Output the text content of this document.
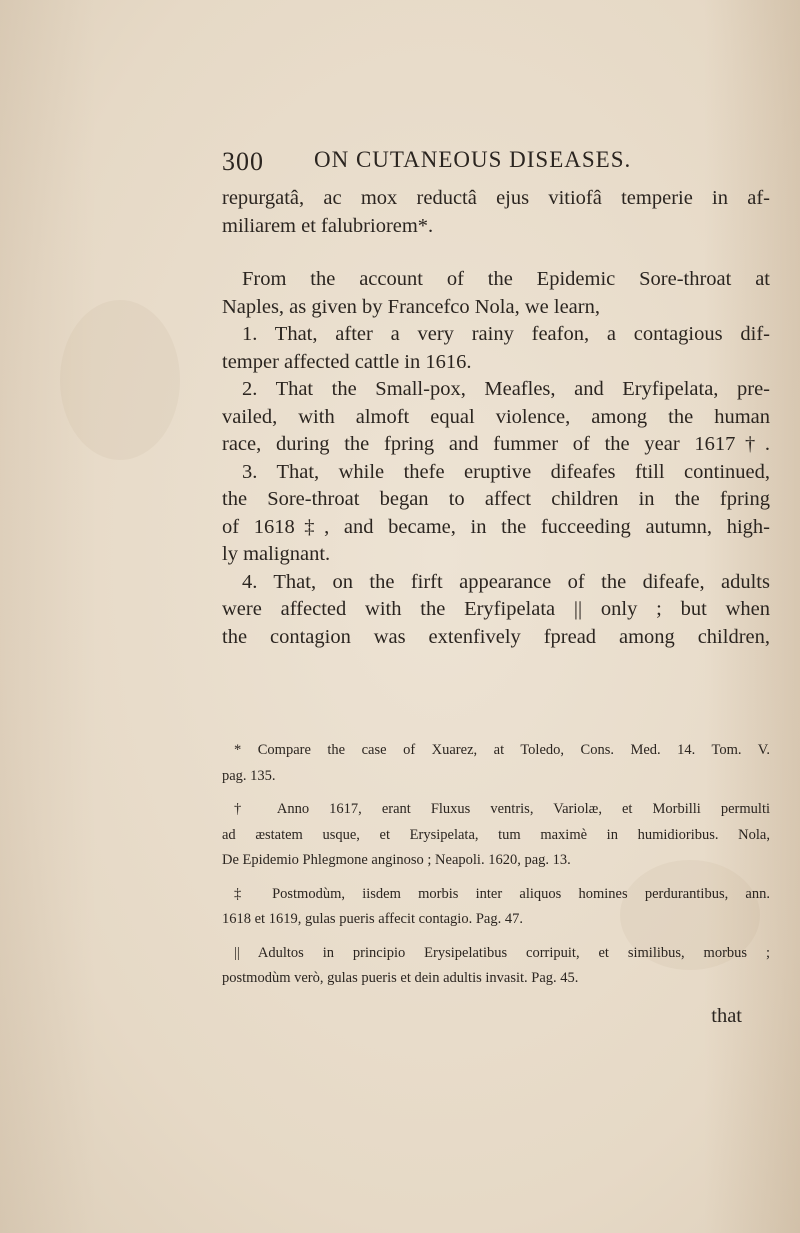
300 ON CUTANEOUS DISEASES.
repurgatâ, ac mox reductâ ejus vitiofâ temperie in af-
miliarem et falubriorem*.
From the account of the Epidemic Sore-throat at
Naples, as given by Francefco Nola, we learn,
1. That, after a very rainy feafon, a contagious dif-
temper affected cattle in 1616.
2. That the Small-pox, Meafles, and Eryfipelata, pre-
vailed, with almoft equal violence, among the human
race, during the fpring and fummer of the year 1617†.
3. That, while thefe eruptive difeafes ftill continued,
the Sore-throat began to affect children in the fpring
of 1618‡, and became, in the fucceeding autumn, high-
ly malignant.
4. That, on the firft appearance of the difeafe, adults
were affected with the Eryfipelata || only ; but when
the contagion was extenfively fpread among children,
* Compare the case of Xuarez, at Toledo, Cons. Med. 14. Tom. V.
pag. 135.
† Anno 1617, erant Fluxus ventris, Variolæ, et Morbilli permulti
ad æstatem usque, et Erysipelata, tum maximè in humidioribus. Nola,
De Epidemio Phlegmone anginoso ; Neapoli. 1620, pag. 13.
‡ Postmodùm, iisdem morbis inter aliquos homines perdurantibus, ann.
1618 et 1619, gulas pueris affecit contagio. Pag. 47.
|| Adultos in principio Erysipelatibus corripuit, et similibus, morbus ;
postmodùm verò, gulas pueris et dein adultis invasit. Pag. 45.
that
